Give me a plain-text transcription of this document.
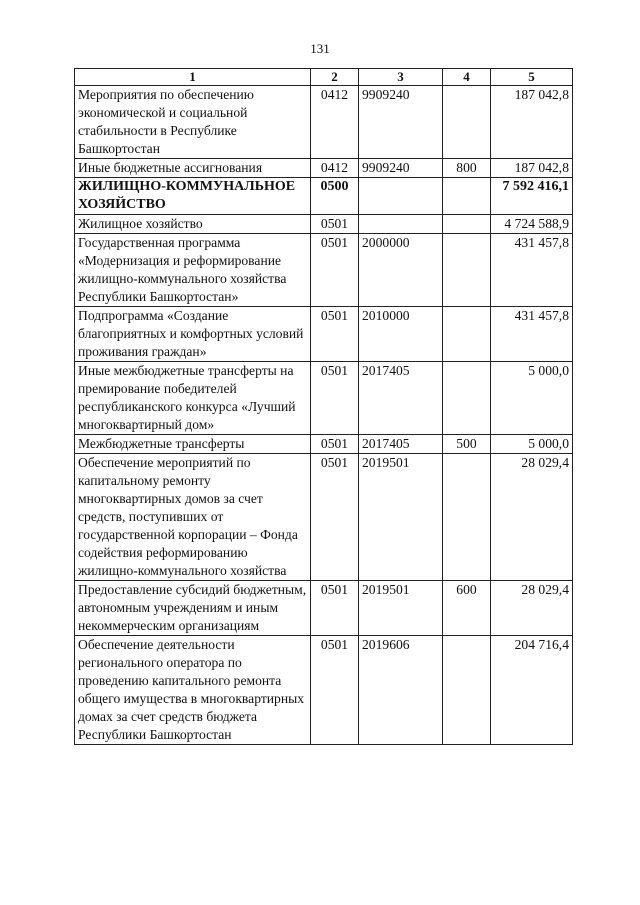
131
1	2	3	4	5
Мероприятия по обеспечению экономической и социальной стабильности в Республике Башкортостан	0412	9909240		187 042,8
Иные бюджетные ассигнования	0412	9909240	800	187 042,8
ЖИЛИЩНО-КОММУНАЛЬНОЕ ХОЗЯЙСТВО	0500			7 592 416,1
Жилищное хозяйство	0501			4 724 588,9
Государственная программа «Модернизация и реформирование жилищно-коммунального хозяйства Республики Башкортостан»	0501	2000000		431 457,8
Подпрограмма «Создание благоприятных и комфортных условий проживания граждан»	0501	2010000		431 457,8
Иные межбюджетные трансферты на премирование победителей республиканского конкурса «Лучший многоквартирный дом»	0501	2017405		5 000,0
Межбюджетные трансферты	0501	2017405	500	5 000,0
Обеспечение мероприятий по капитальному ремонту многоквартирных домов за счет средств, поступивших от государственной корпорации – Фонда содействия реформированию жилищно-коммунального хозяйства	0501	2019501		28 029,4
Предоставление субсидий бюджетным, автономным учреждениям и иным некоммерческим организациям	0501	2019501	600	28 029,4
Обеспечение деятельности регионального оператора по проведению капитального ремонта общего имущества в многоквартирных домах за счет средств бюджета Республики Башкортостан	0501	2019606		204 716,4
